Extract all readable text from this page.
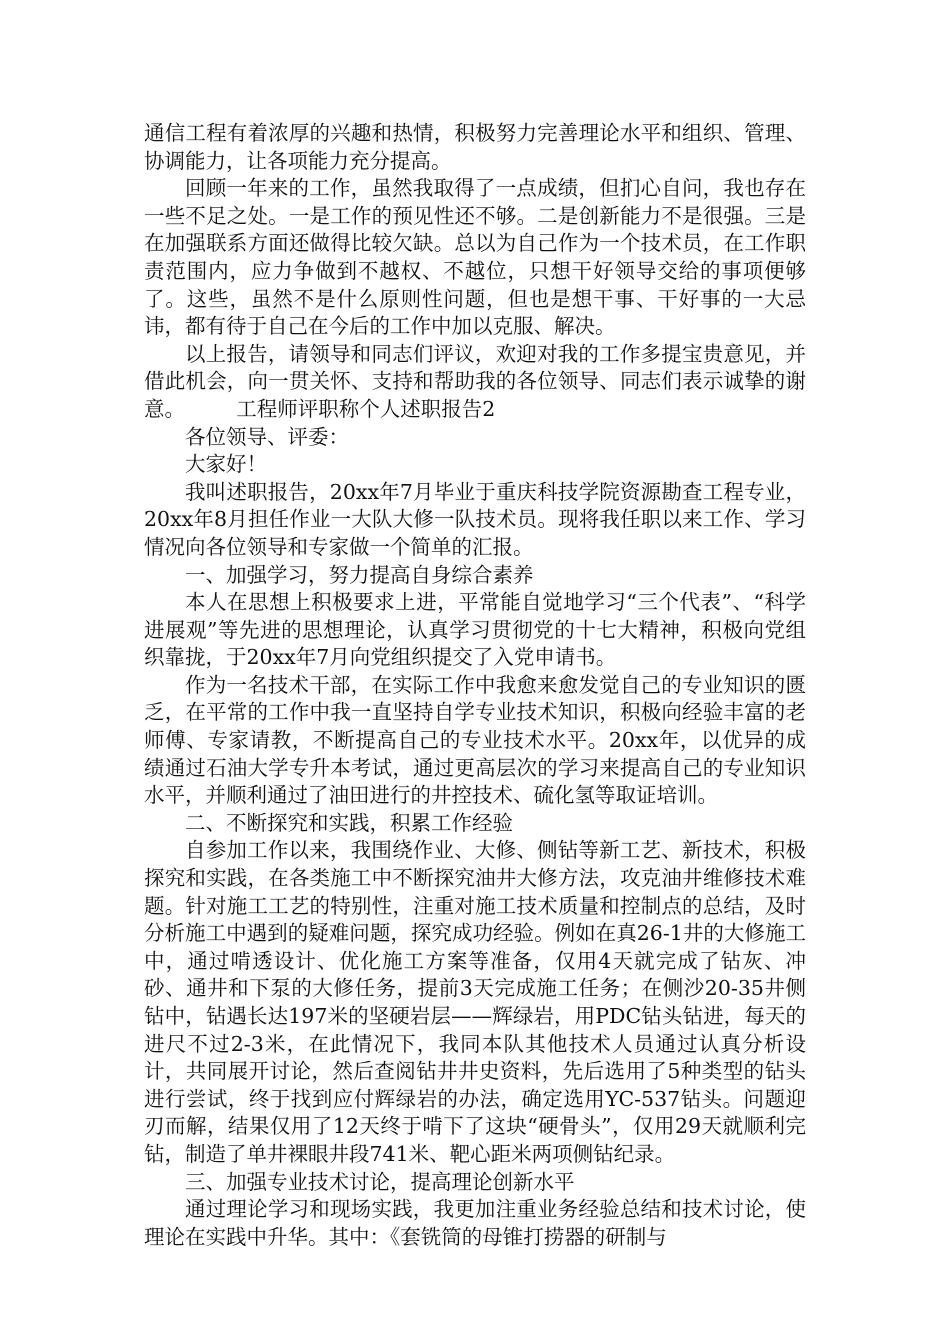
通信工程有着浓厚的兴趣和热情，积极努力完善理论水平和组织、管理、协调能力，让各项能力充分提高。

回顾一年来的工作，虽然我取得了一点成绩，但扪心自问，我也存在一些不足之处。一是工作的预见性还不够。二是创新能力不是很强。三是在加强联系方面还做得比较欠缺。总以为自己作为一个技术员，在工作职责范围内，应力争做到不越权、不越位，只想干好领导交给的事项便够了。这些，虽然不是什么原则性问题，但也是想干事、干好事的一大忌讳，都有待于自己在今后的工作中加以克服、解决。

以上报告，请领导和同志们评议，欢迎对我的工作多提宝贵意见，并借此机会，向一贯关怀、支持和帮助我的各位领导、同志们表示诚挚的谢意。　　　工程师评职称个人述职报告2

各位领导、评委：

大家好！

我叫述职报告，20xx年7月毕业于重庆科技学院资源勘查工程专业，20xx年8月担任作业一大队大修一队技术员。现将我任职以来工作、学习情况向各位领导和专家做一个简单的汇报。

一、加强学习，努力提高自身综合素养

本人在思想上积极要求上进，平常能自觉地学习“三个代表”、“科学进展观”等先进的思想理论，认真学习贯彻党的十七大精神，积极向党组织靠拢，于20xx年7月向党组织提交了入党申请书。

作为一名技术干部，在实际工作中我愈来愈发觉自己的专业知识的匮乏，在平常的工作中我一直坚持自学专业技术知识，积极向经验丰富的老师傅、专家请教，不断提高自己的专业技术水平。20xx年，以优异的成绩通过石油大学专升本考试，通过更高层次的学习来提高自己的专业知识水平，并顺利通过了油田进行的井控技术、硫化氢等取证培训。

二、不断探究和实践，积累工作经验

自参加工作以来，我围绕作业、大修、侧钻等新工艺、新技术，积极探究和实践，在各类施工中不断探究油井大修方法，攻克油井维修技术难题。针对施工工艺的特别性，注重对施工技术质量和控制点的总结，及时分析施工中遇到的疑难问题，探究成功经验。例如在真26-1井的大修施工中，通过啃透设计、优化施工方案等准备，仅用4天就完成了钻灰、冲砂、通井和下泵的大修任务，提前3天完成施工任务；在侧沙20-35井侧钻中，钻遇长达197米的坚硬岩层——辉绿岩，用PDC钻头钻进，每天的进尺不过2-3米，在此情况下，我同本队其他技术人员通过认真分析设计，共同展开讨论，然后查阅钻井井史资料，先后选用了5种类型的钻头进行尝试，终于找到应付辉绿岩的办法，确定选用YC-537钻头。问题迎刃而解，结果仅用了12天终于啃下了这块“硬骨头”，仅用29天就顺利完钻，制造了单井裸眼井段741米、靶心距米两项侧钻纪录。

三、加强专业技术讨论，提高理论创新水平

通过理论学习和现场实践，我更加注重业务经验总结和技术讨论，使理论在实践中升华。其中：《套铣筒的母锥打捞器的研制与
